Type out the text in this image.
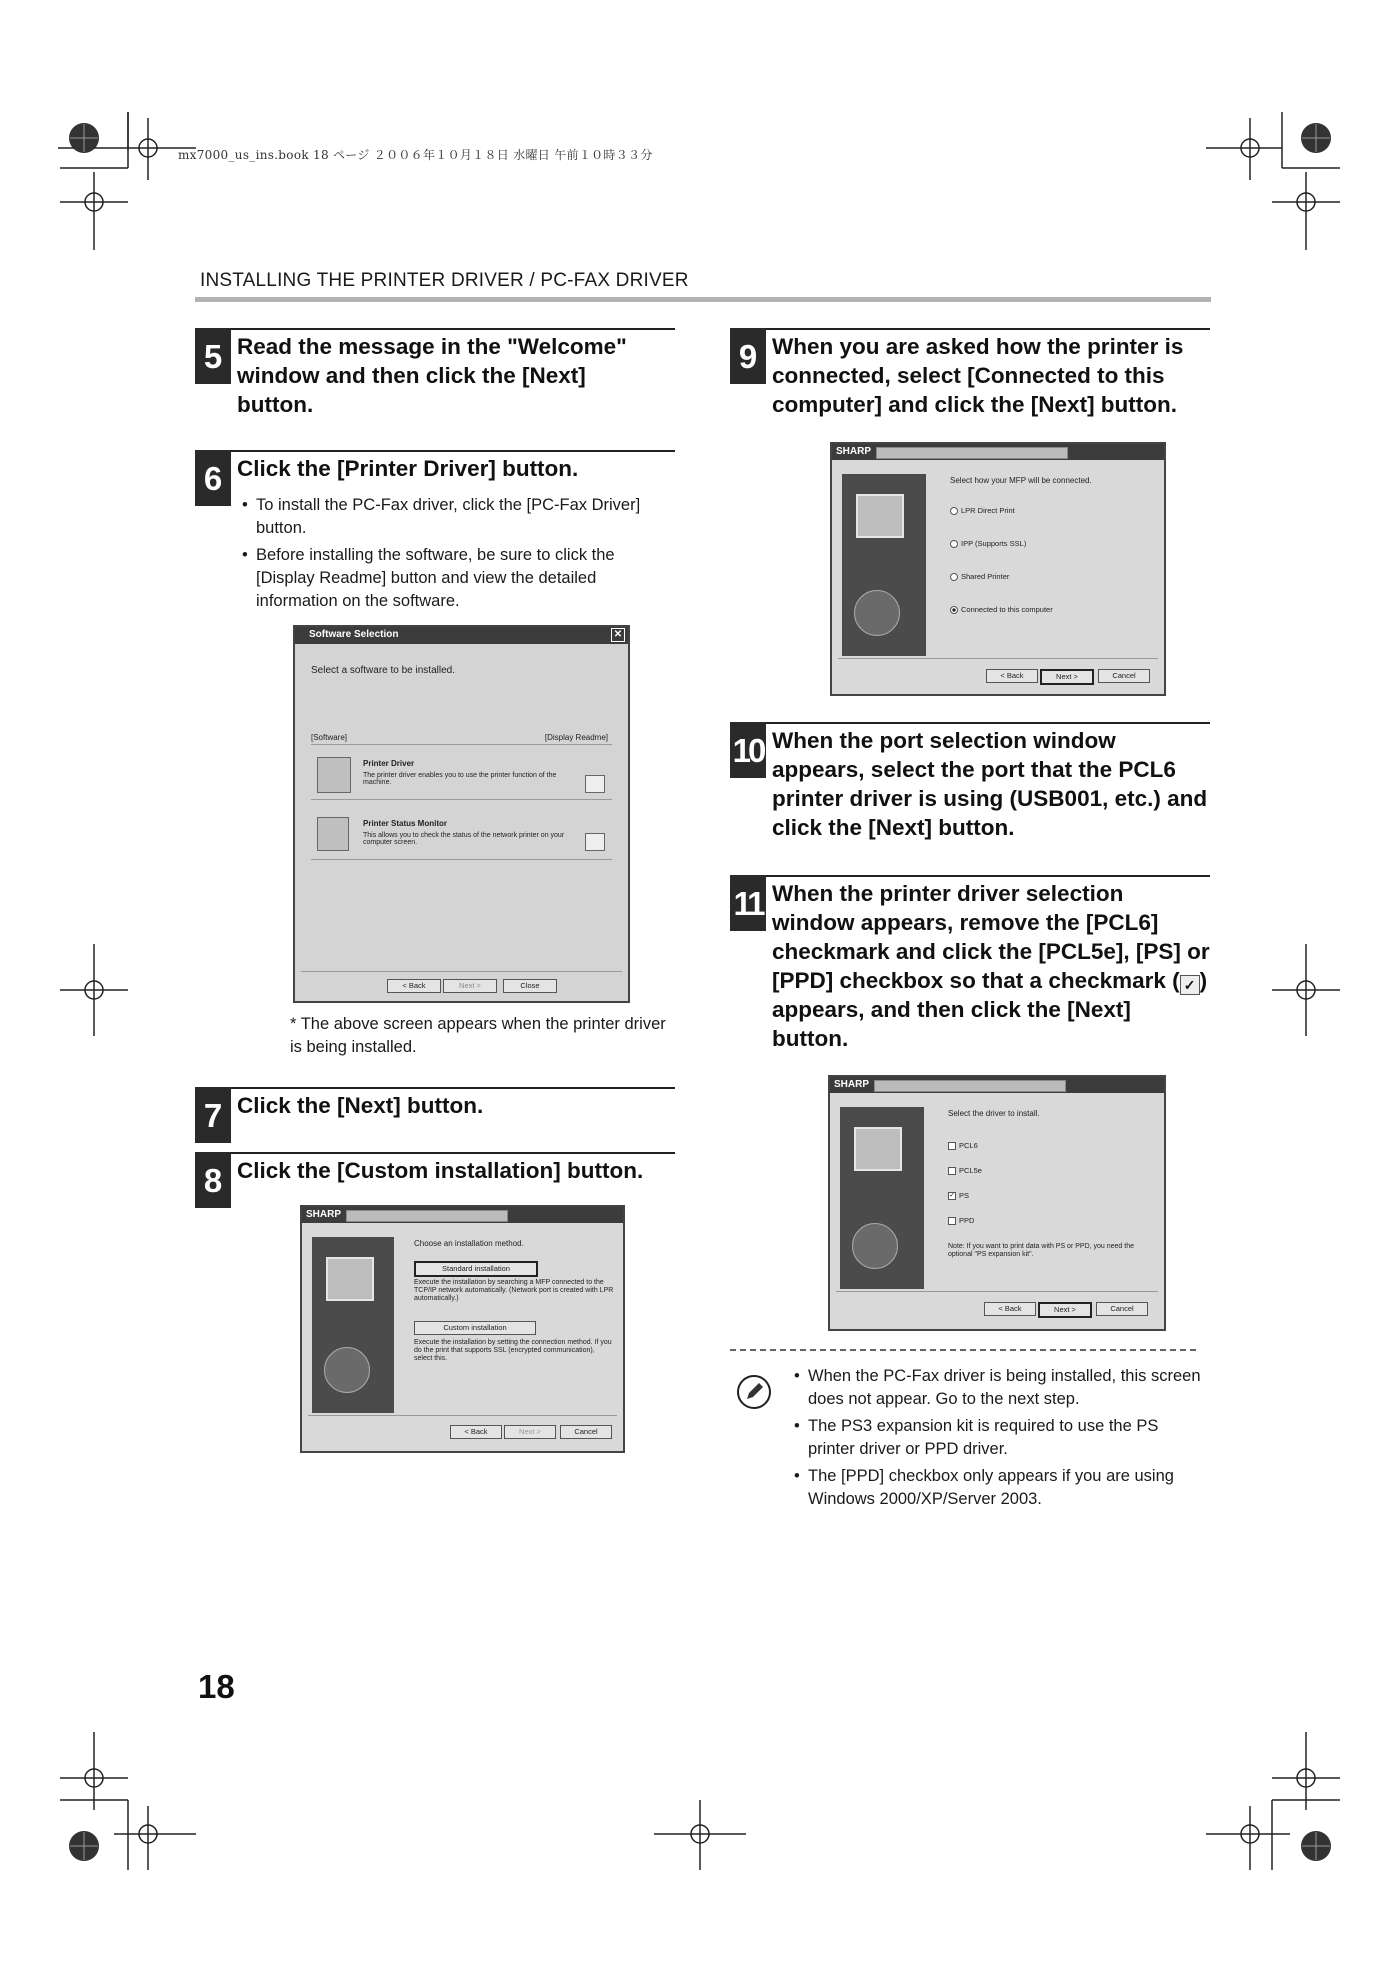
mx7000_us_ins.book 18 ページ ２００６年１０月１８日 水曜日 午前１０時３３分
INSTALLING THE PRINTER DRIVER / PC-FAX DRIVER
5 Read the message in the "Welcome" window and then click the [Next] button.
6 Click the [Printer Driver] button.
• To install the PC-Fax driver, click the [PC-Fax Driver] button.
• Before installing the software, be sure to click the [Display Readme] button and view the detailed information on the software.
Software Selection	✕
Select a software to be installed.
[Software]	[Display Readme]
Printer Driver
The printer driver enables you to use the printer function of the machine.
Printer Status Monitor
This allows you to check the status of the network printer on your computer screen.
< Back	Next >	Close
* The above screen appears when the printer driver is being installed.
7 Click the [Next] button.
8 Click the [Custom installation] button.
SHARP
Choose an installation method.
Standard installation
Execute the installation by searching a MFP connected to the TCP/IP network automatically. (Network port is created with LPR automatically.)
Custom installation
Execute the installation by setting the connection method. If you do the print that supports SSL (encrypted communication), select this.
< Back	Next >	Cancel
9 When you are asked how the printer is connected, select [Connected to this computer] and click the [Next] button.
SHARP
Select how your MFP will be connected.
LPR Direct Print
IPP (Supports SSL)
Shared Printer
Connected to this computer
< Back	Next >	Cancel
10 When the port selection window appears, select the port that the PCL6 printer driver is using (USB001, etc.) and click the [Next] button.
11 When the printer driver selection window appears, remove the [PCL6] checkmark and click the [PCL5e], [PS] or [PPD] checkbox so that a checkmark ( ✓ ) appears, and then click the [Next] button.
SHARP
Select the driver to install.
PCL6
PCL5e
✓ PS
PPD
Note: If you want to print data with PS or PPD, you need the optional "PS expansion kit".
< Back	Next >	Cancel
• When the PC-Fax driver is being installed, this screen does not appear. Go to the next step.
• The PS3 expansion kit is required to use the PS printer driver or PPD driver.
• The [PPD] checkbox only appears if you are using Windows 2000/XP/Server 2003.
18
